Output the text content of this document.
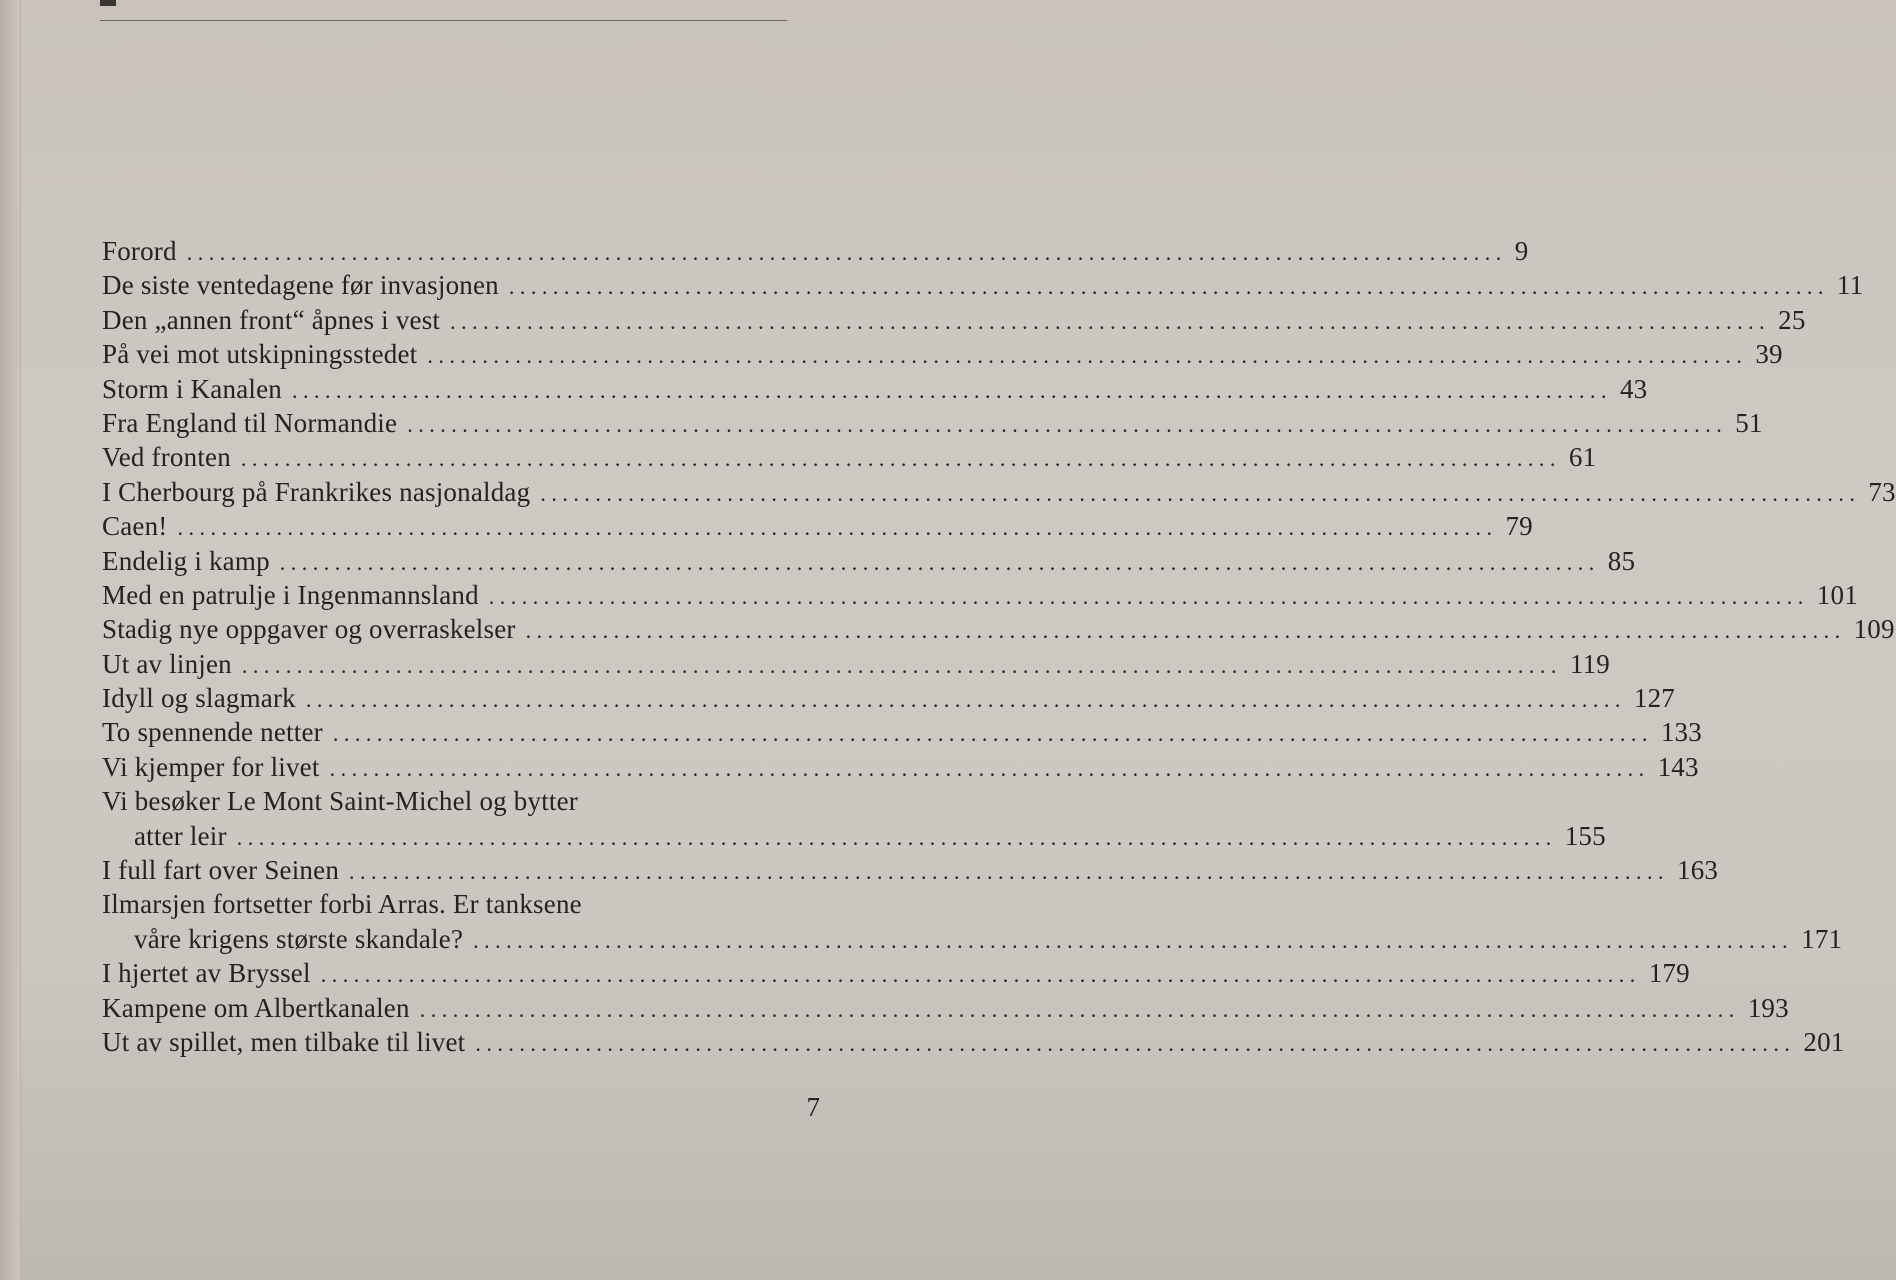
Forord ........................................................................................................................ 9
De siste ventedagene før invasjonen ........................................................................................................................ 11
Den „annen front“ åpnes i vest ........................................................................................................................ 25
På vei mot utskipningsstedet ........................................................................................................................ 39
Storm i Kanalen ........................................................................................................................ 43
Fra England til Normandie ........................................................................................................................ 51
Ved fronten ........................................................................................................................ 61
I Cherbourg på Frankrikes nasjonaldag ........................................................................................................................ 73
Caen! ........................................................................................................................ 79
Endelig i kamp ........................................................................................................................ 85
Med en patrulje i Ingenmannsland ........................................................................................................................ 101
Stadig nye oppgaver og overraskelser ........................................................................................................................ 109
Ut av linjen ........................................................................................................................ 119
Idyll og slagmark ........................................................................................................................ 127
To spennende netter ........................................................................................................................ 133
Vi kjemper for livet ........................................................................................................................ 143
Vi besøker Le Mont Saint-Michel og bytter
atter leir ........................................................................................................................ 155
I full fart over Seinen ........................................................................................................................ 163
Ilmarsjen fortsetter forbi Arras. Er tanksene
våre krigens største skandale? ........................................................................................................................ 171
I hjertet av Bryssel ........................................................................................................................ 179
Kampene om Albertkanalen ........................................................................................................................ 193
Ut av spillet, men tilbake til livet ........................................................................................................................ 201
7
